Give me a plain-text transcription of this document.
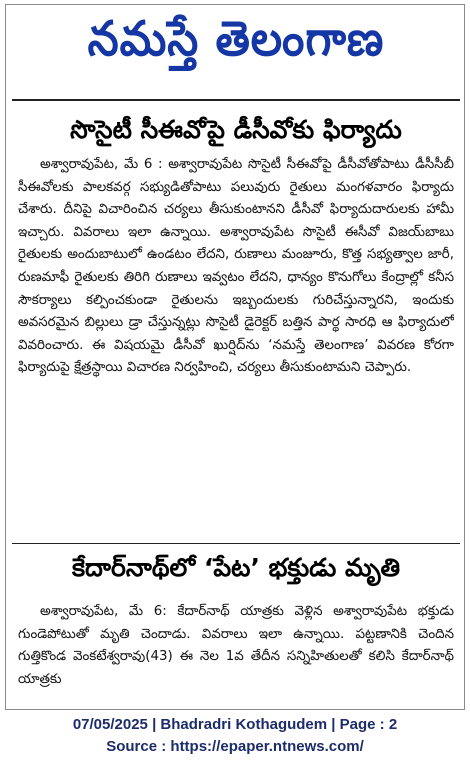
నమస్తే తెలంగాణ
సొసైటీ సీఈవోపై డీసీవోకు ఫిర్యాదు
అశ్వారావుపేట, మే 6 : అశ్వారావుపేట సొసైటీ సీఈవోపై డీసీవోతోపాటు డీసీసీబీ సీఈవోలకు పాలకవర్గ సభ్యుడితోపాటు పలువురు రైతులు మంగళవారం ఫిర్యాదు చేశారు. దీనిపై విచారించిన చర్యలు తీసుకుంటానని డీసీవో ఫిర్యాదుదారులకు హామీ ఇచ్చారు. వివరాలు ఇలా ఉన్నాయి. అశ్వారావుపేట సొసైటీ ఈసీవో విజయ్‌బాబు రైతులకు అందుబాటులో ఉండటం లేదని, రుణాలు మంజూరు, కొత్త సభ్యత్వాల జారీ, రుణమాఫీ రైతులకు తిరిగి రుణాలు ఇవ్వటం లేదని, ధాన్యం కొనుగోలు కేంద్రాల్లో కనీస సౌకర్యాలు కల్పించకుండా రైతులను ఇబ్బందులకు గురిచేస్తున్నారని, ఇందుకు అవసరమైన బిల్లులు డ్రా చేస్తున్నట్లు సొసైటీ డైరెక్టర్ బత్తిన పార్థ సారధి ఆ ఫిర్యాదులో వివరించారు. ఈ విషయమై డీసీవో ఖుర్షిద్‌ను ‘నమస్తే తెలంగాణ’ వివరణ కోరగా ఫిర్యాదుపై క్షేత్రస్థాయి విచారణ నిర్వహించి, చర్యలు తీసుకుంటామని చెప్పారు.
కేదార్‌నాథ్‌లో ‘పేట’ భక్తుడు మృతి
అశ్వారావుపేట, మే 6: కేదార్‌నాథ్ యాత్రకు వెళ్లిన అశ్వారావుపేట భక్తుడు గుండెపోటుతో మృతి చెందాడు. వివరాలు ఇలా ఉన్నాయి. పట్టణానికి చెందిన గుత్తికొండ వెంకటేశ్వరావు(43) ఈ నెల 1వ తేదీన సన్నిహితులతో కలిసి కేదార్‌నాథ్ యాత్రకు
07/05/2025 | Bhadradri Kothagudem | Page : 2
Source : https://epaper.ntnews.com/
